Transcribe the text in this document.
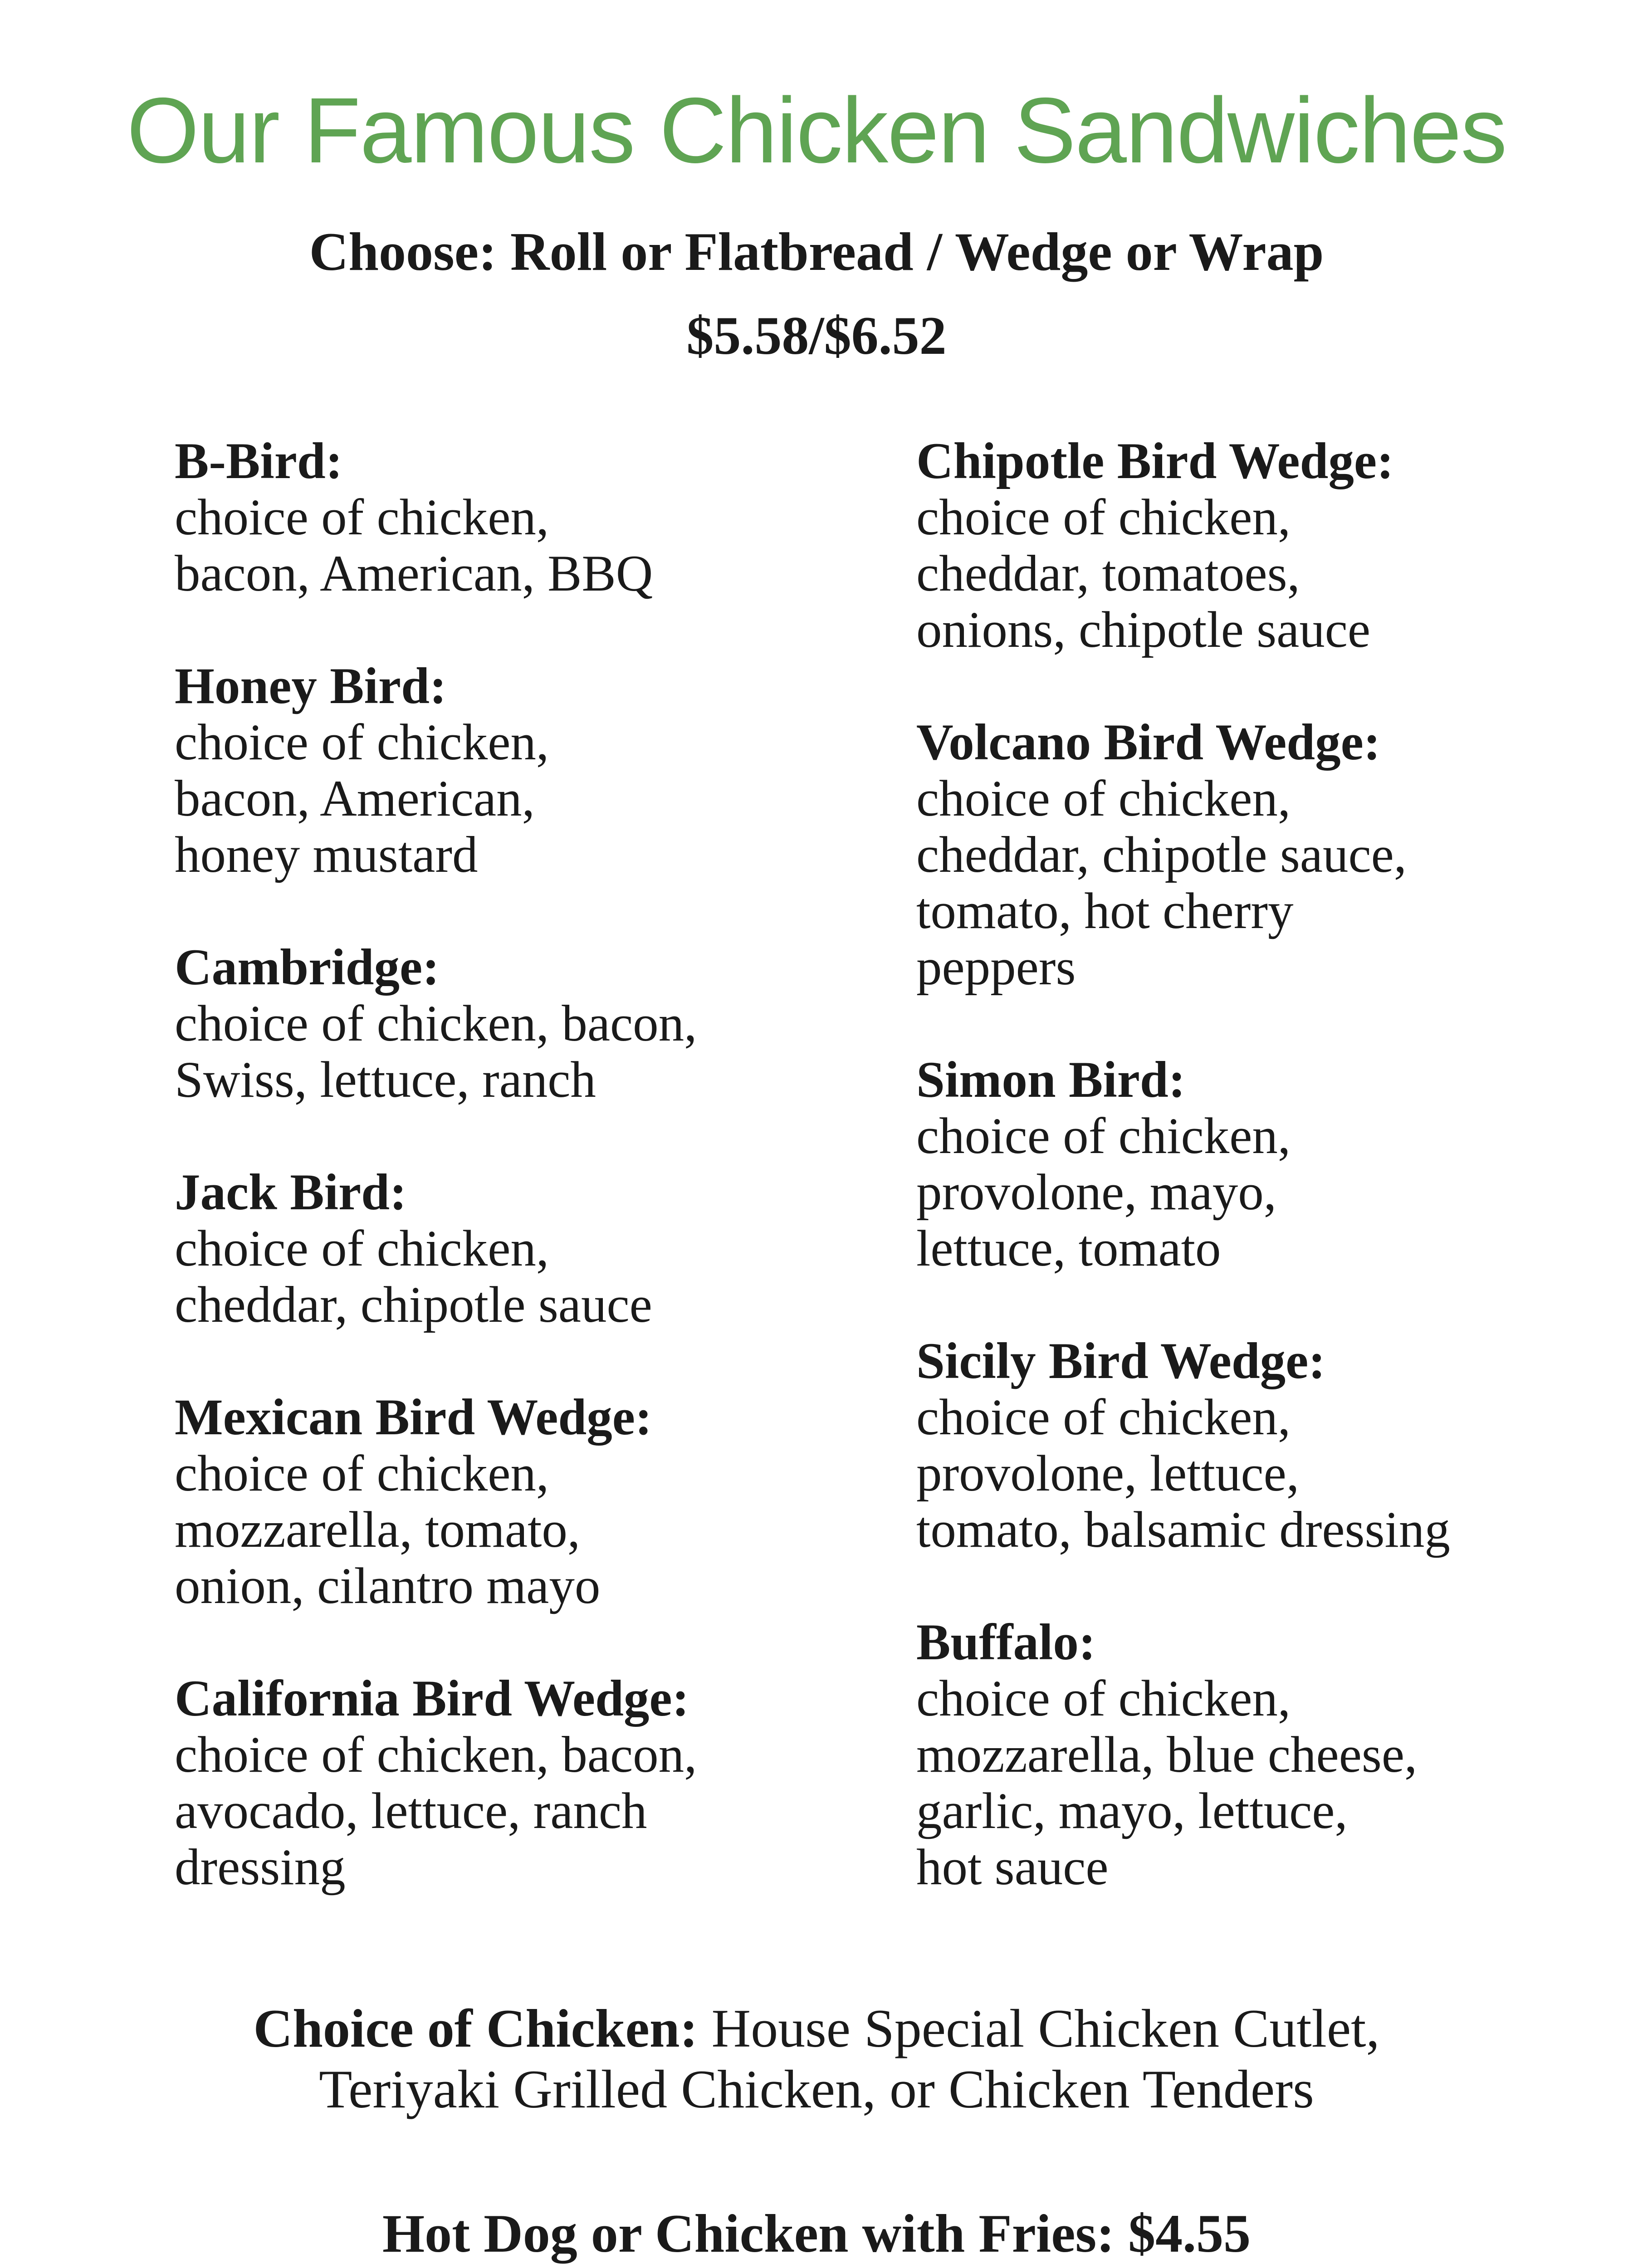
Our Famous Chicken Sandwiches
Choose: Roll or Flatbread / Wedge or Wrap
$5.58/$6.52
B-Bird:
choice of chicken,
bacon, American, BBQ
Honey Bird:
choice of chicken,
bacon, American,
honey mustard
Cambridge:
choice of chicken, bacon,
Swiss, lettuce, ranch
Jack Bird:
choice of chicken,
cheddar, chipotle sauce
Mexican Bird Wedge:
choice of chicken,
mozzarella, tomato,
onion, cilantro mayo
California Bird Wedge:
choice of chicken, bacon,
avocado, lettuce, ranch
dressing
Chipotle Bird Wedge:
choice of chicken,
cheddar, tomatoes,
onions, chipotle sauce
Volcano Bird Wedge:
choice of chicken,
cheddar, chipotle sauce,
tomato, hot cherry
peppers
Simon Bird:
choice of chicken,
provolone, mayo,
lettuce, tomato
Sicily Bird Wedge:
choice of chicken,
provolone, lettuce,
tomato, balsamic dressing
Buffalo:
choice of chicken,
mozzarella, blue cheese,
garlic, mayo, lettuce,
hot sauce
Choice of Chicken: House Special Chicken Cutlet,
Teriyaki Grilled Chicken, or Chicken Tenders
Hot Dog or Chicken with Fries: $4.55
